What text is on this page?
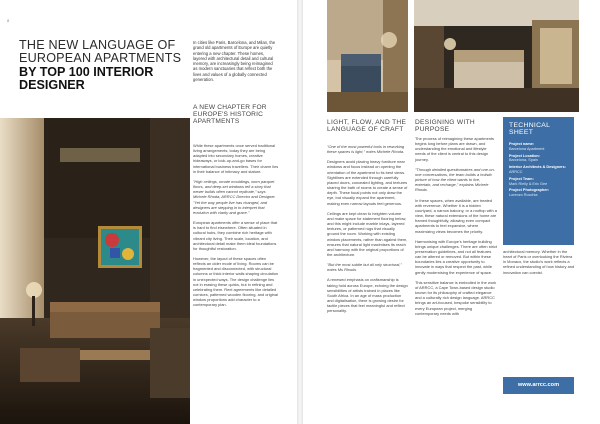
8
THE NEW LANGUAGE OF EUROPEAN APARTMENTS
BY TOP 100 INTERIOR DESIGNER
In cities like Paris, Barcelona, and Milan, the grand old apartments of Europe are quietly entering a new chapter. These homes, layered with architectural detail and cultural memory, are increasingly being reimagined as modern sanctuaries that reflect both the lives and values of a globally connected generation.
A NEW CHAPTER FOR EUROPE'S HISTORIC APARTMENTS

While these apartments once served traditional living arrangements, today they are being adapted into secondary homes, creative hideaways, or lock-up-and-go bases for international business travellers. Their charm lies in their balance of intimacy and stature.

"High ceilings, ornate mouldings, worn parquet floors, and deep-set windows tell a story that newer builds often cannot replicate," says Michele Rhoda, ARRCC Director and Designer. "Yet the way people live has changed, and designers are stepping in to interpret that evolution with clarity and grace."

European apartments offer a sense of place that is hard to find elsewhere. Often situated in cultural hubs, they combine rich heritage with vibrant city living. Their scale, location, and architectural detail make them ideal foundations for thoughtful restoration.

However, the layout of these spaces often reflects an older mode of living. Rooms can be fragmented and disconnected, with structural columns or thick interior walls shaping circulation in unexpected ways. The design challenge lies not in erasing these quirks, but in refining and celebrating them. Reel agreements like detailed cornices, patterned wooden flooring, and original window proportions add character to a contemporary plan.

LIGHT, FLOW, AND THE LANGUAGE OF CRAFT

"One of the most powerful tools in reworking these spaces is light," notes Michele Rhoda.

Designers avoid placing heavy furniture near windows and focus instead on opening the orientation of the apartment to its best views. Sightlines are extended through carefully placed doors, concealed lighting, and textures sharing the bath of rooms to create a sense of depth. These focal points not only draw the eye, but visually expand the apartment, making even narrow layouts feel generous.

Ceilings are kept clean to heighten volume and make space for statement flooring below, and this might include marble inlays, layered textures, or patterned rugs that visually ground the room. Working with existing window placements, rather than against them, ensures that natural light maximises its reach and harmony with the original proportions of the architecture.

"But the most subtle but all only structural," notes Ms Rhoda.

A renewed emphasis on craftsmanship is taking hold across Europe, echoing the design sensibilities of artists trained in places like South Africa. In an age of mass production and digitalisation, there is growing desire for tactile pieces that feel meaningful and reflect personality.

DESIGNING WITH PURPOSE

The process of reimagining these apartments begins long before plans are drawn, and understanding the emotional and lifestyle needs of the client is central to this design journey.

"Through detailed questionnaires and one-on-one conversations, the team builds a holistic picture of how the client wants to live, entertain, and recharge," explains Michele Rhoda.

In these spaces, when available, are treated with reverence. Whether it is a hidden courtyard, a narrow balcony, or a rooftop with a view, these natural extensions of the home are framed thoughtfully, allowing even compact apartments to feel expansive, where maximizing views becomes the priority.

Harmonising with Europe's heritage building brings unique challenges. There are often strict preservation guidelines, and not all features can be altered or removed. But within these boundaries lies a creative opportunity to innovate in ways that respect the past, while gently modernising the experience of space.

This sensitive balance is embodied in the work of ARRCC, a Cape Town-based design studio known for its philosophy of crafted elegance and a culturally rich design language. ARRCC brings an art-focused, bespoke sensibility to every European project, merging contemporary needs with

TECHNICAL SHEET
Project name:
Barcelona Apartment
Project Location:
Barcelona, Spain
Interior Architects & Designers:
ARRCC
Project Team:
Mark Rielly & Eric Gee
Project Photographer:
Lorenzo Rocchia
architectural memory. Whether in the heart of Paris or overlooking the Riviera in Monaco, the studio's work reflects a refined understanding of how history and innovation can coexist.
www.arrcc.com
